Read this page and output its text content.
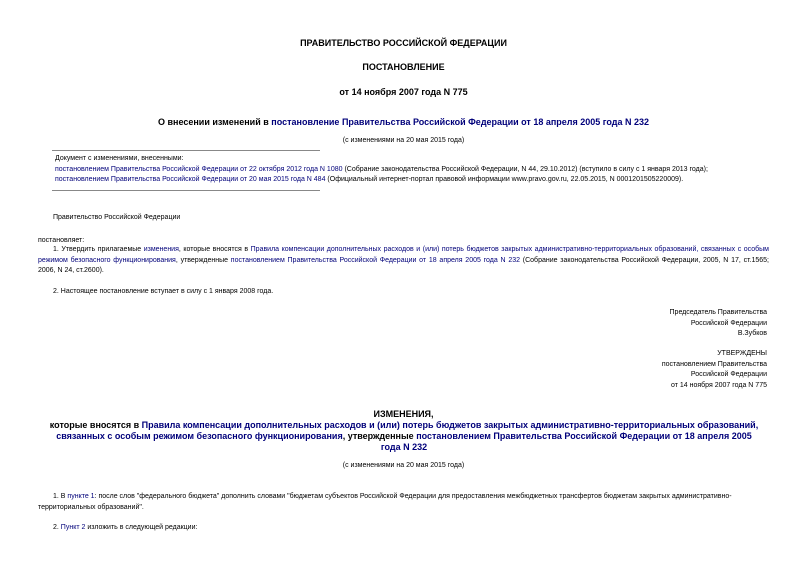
ПРАВИТЕЛЬСТВО РОССИЙСКОЙ ФЕДЕРАЦИИ
ПОСТАНОВЛЕНИЕ
от 14 ноября 2007 года N 775
О внесении изменений в постановление Правительства Российской Федерации от 18 апреля 2005 года N 232
(с изменениями на 20 мая 2015 года)
Документ с изменениями, внесенными:
постановлением Правительства Российской Федерации от 22 октября 2012 года N 1080 (Собрание законодательства Российской Федерации, N 44, 29.10.2012) (вступило в силу с 1 января 2013 года);
постановлением Правительства Российской Федерации от 20 мая 2015 года N 484 (Официальный интернет-портал правовой информации www.pravo.gov.ru, 22.05.2015, N 0001201505220009).
Правительство Российской Федерации
постановляет:
1. Утвердить прилагаемые изменения, которые вносятся в Правила компенсации дополнительных расходов и (или) потерь бюджетов закрытых административно-территориальных образований, связанных с особым режимом безопасного функционирования, утвержденные постановлением Правительства Российской Федерации от 18 апреля 2005 года N 232 (Собрание законодательства Российской Федерации, 2005, N 17, ст.1565; 2006, N 24, ст.2600).
2. Настоящее постановление вступает в силу с 1 января 2008 года.
Председатель Правительства
Российской Федерации
В.Зубков
УТВЕРЖДЕНЫ
постановлением Правительства
Российской Федерации
от 14 ноября 2007 года N 775
ИЗМЕНЕНИЯ,
которые вносятся в Правила компенсации дополнительных расходов и (или) потерь бюджетов закрытых административно-территориальных образований, связанных с особым режимом безопасного функционирования, утвержденные постановлением Правительства Российской Федерации от 18 апреля 2005 года N 232
(с изменениями на 20 мая 2015 года)
1. В пункте 1: после слов "федерального бюджета" дополнить словами "бюджетам субъектов Российской Федерации для предоставления межбюджетных трансфертов бюджетам закрытых административно-территориальных образований".
2. Пункт 2 изложить в следующей редакции:
